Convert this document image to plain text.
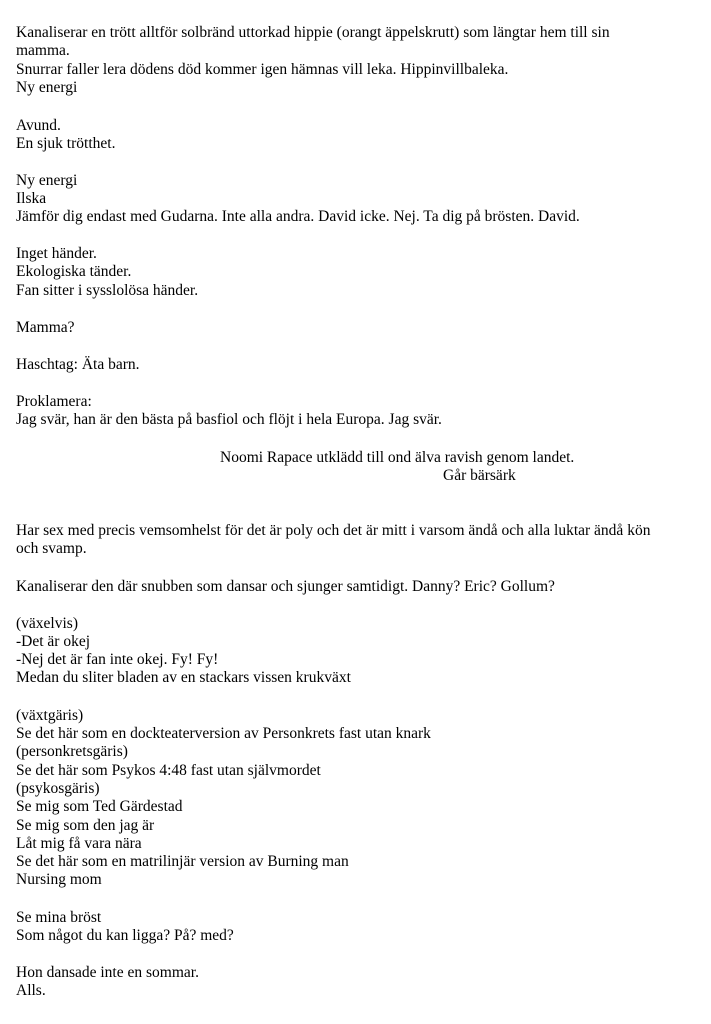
Kanaliserar en trött alltför solbränd uttorkad hippie (orangt äppelskrutt) som längtar hem till sin
mamma.
Snurrar faller lera dödens död kommer igen hämnas vill leka. Hippinvillbaleka.
Ny energi
Avund.
En sjuk trötthet.
Ny energi
Ilska
Jämför dig endast med Gudarna. Inte alla andra. David icke. Nej. Ta dig på brösten. David.
Inget händer.
Ekologiska tänder.
Fan sitter i sysslolösa händer.
Mamma?
Haschtag: Äta barn.
Proklamera:
Jag svär, han är den bästa på basfiol och flöjt i hela Europa. Jag svär.
Noomi Rapace utklädd till ond älva ravish genom landet.
Går bärsärk
Har sex med precis vemsomhelst för det är poly och det är mitt i varsom ändå och alla luktar ändå kön
och svamp.
Kanaliserar den där snubben som dansar och sjunger samtidigt. Danny? Eric? Gollum?
(växelvis)
-Det är okej
-Nej det är fan inte okej. Fy! Fy!
Medan du sliter bladen av en stackars vissen krukväxt
(växtgäris)
Se det här som en dockteaterversion av Personkrets fast utan knark
(personkretsgäris)
Se det här som Psykos 4:48 fast utan självmordet
(psykosgäris)
Se mig som Ted Gärdestad
Se mig som den jag är
Låt mig få vara nära
Se det här som en matrilinjär version av Burning man
Nursing mom
Se mina bröst
Som något du kan ligga? På? med?
Hon dansade inte en sommar.
Alls.
